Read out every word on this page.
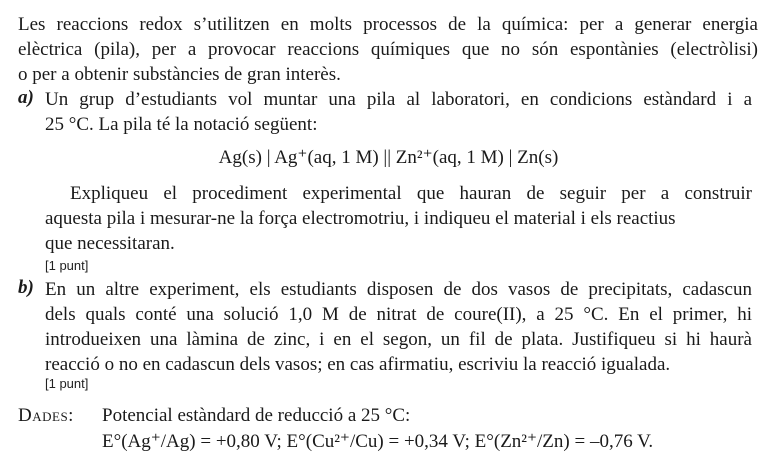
Les reaccions redox s’utilitzen en molts processos de la química: per a generar energia
elèctrica (pila), per a provocar reaccions químiques que no són espontànies (electròlisi)
o per a obtenir substàncies de gran interès.
a) Un grup d’estudiants vol muntar una pila al laboratori, en condicions estàndard i a
25 °C. La pila té la notació següent:
Ag(s) | Ag⁺(aq, 1 M) || Zn²⁺(aq, 1 M) | Zn(s)
Expliqueu el procediment experimental que hauran de seguir per a construir
aquesta pila i mesurar-ne la força electromotriu, i indiqueu el material i els reactius
que necessitaran.
[1 punt]
b) En un altre experiment, els estudiants disposen de dos vasos de precipitats, cadascun
dels quals conté una solució 1,0 M de nitrat de coure(II), a 25 °C. En el primer, hi
introdueixen una làmina de zinc, i en el segon, un fil de plata. Justifiqueu si hi haurà
reacció o no en cadascun dels vasos; en cas afirmatiu, escriviu la reacció igualada.
[1 punt]
Dades: Potencial estàndard de reducció a 25 °C:
E°(Ag⁺/Ag) = +0,80 V; E°(Cu²⁺/Cu) = +0,34 V; E°(Zn²⁺/Zn) = –0,76 V.
